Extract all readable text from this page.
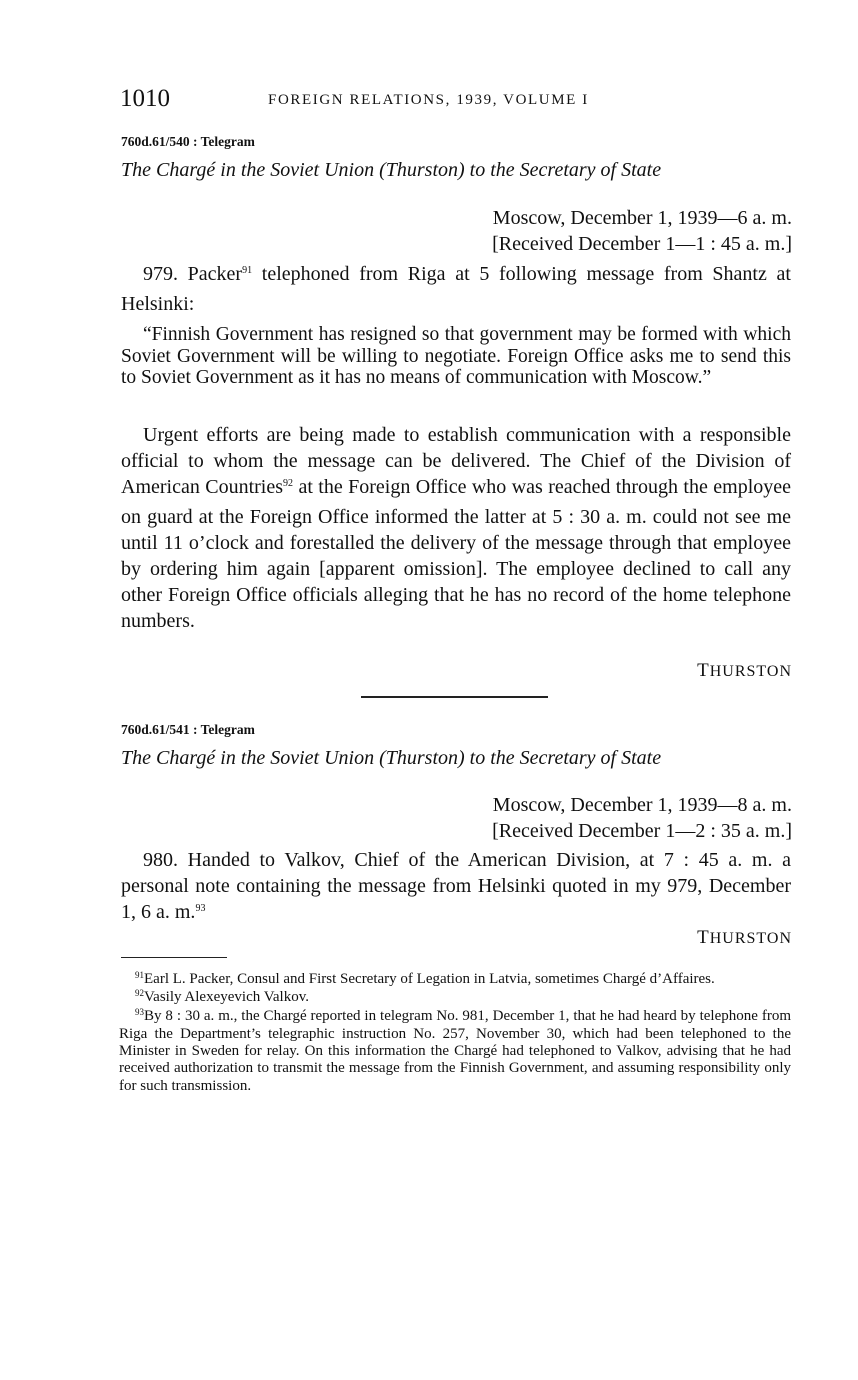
1010	FOREIGN RELATIONS, 1939, VOLUME I
760d.61/540 : Telegram
The Chargé in the Soviet Union (Thurston) to the Secretary of State
Moscow, December 1, 1939—6 a. m.
[Received December 1—1 : 45 a. m.]
979. Packer$^{91}$ telephoned from Riga at 5 following message from Shantz at Helsinki:
“Finnish Government has resigned so that government may be formed with which Soviet Government will be willing to negotiate. Foreign Office asks me to send this to Soviet Government as it has no means of communication with Moscow.”
Urgent efforts are being made to establish communication with a responsible official to whom the message can be delivered. The Chief of the Division of American Countries$^{92}$ at the Foreign Office who was reached through the employee on guard at the Foreign Office informed the latter at 5 : 30 a. m. could not see me until 11 o’clock and forestalled the delivery of the message through that employee by ordering him again [apparent omission]. The employee declined to call any other Foreign Office officials alleging that he has no record of the home telephone numbers.
THURSTON
760d.61/541 : Telegram
The Chargé in the Soviet Union (Thurston) to the Secretary of State
Moscow, December 1, 1939—8 a. m.
[Received December 1—2 : 35 a. m.]
980. Handed to Valkov, Chief of the American Division, at 7 : 45 a. m. a personal note containing the message from Helsinki quoted in my 979, December 1, 6 a. m.$^{93}$
THURSTON

$^{91}$Earl L. Packer, Consul and First Secretary of Legation in Latvia, sometimes Chargé d’Affaires.

$^{92}$Vasily Alexeyevich Valkov.

$^{93}$By 8 : 30 a. m., the Chargé reported in telegram No. 981, December 1, that he had heard by telephone from Riga the Department’s telegraphic instruction No. 257, November 30, which had been telephoned to the Minister in Sweden for relay. On this information the Chargé had telephoned to Valkov, advising that he had received authorization to transmit the message from the Finnish Government, and assuming responsibility only for such transmission.
